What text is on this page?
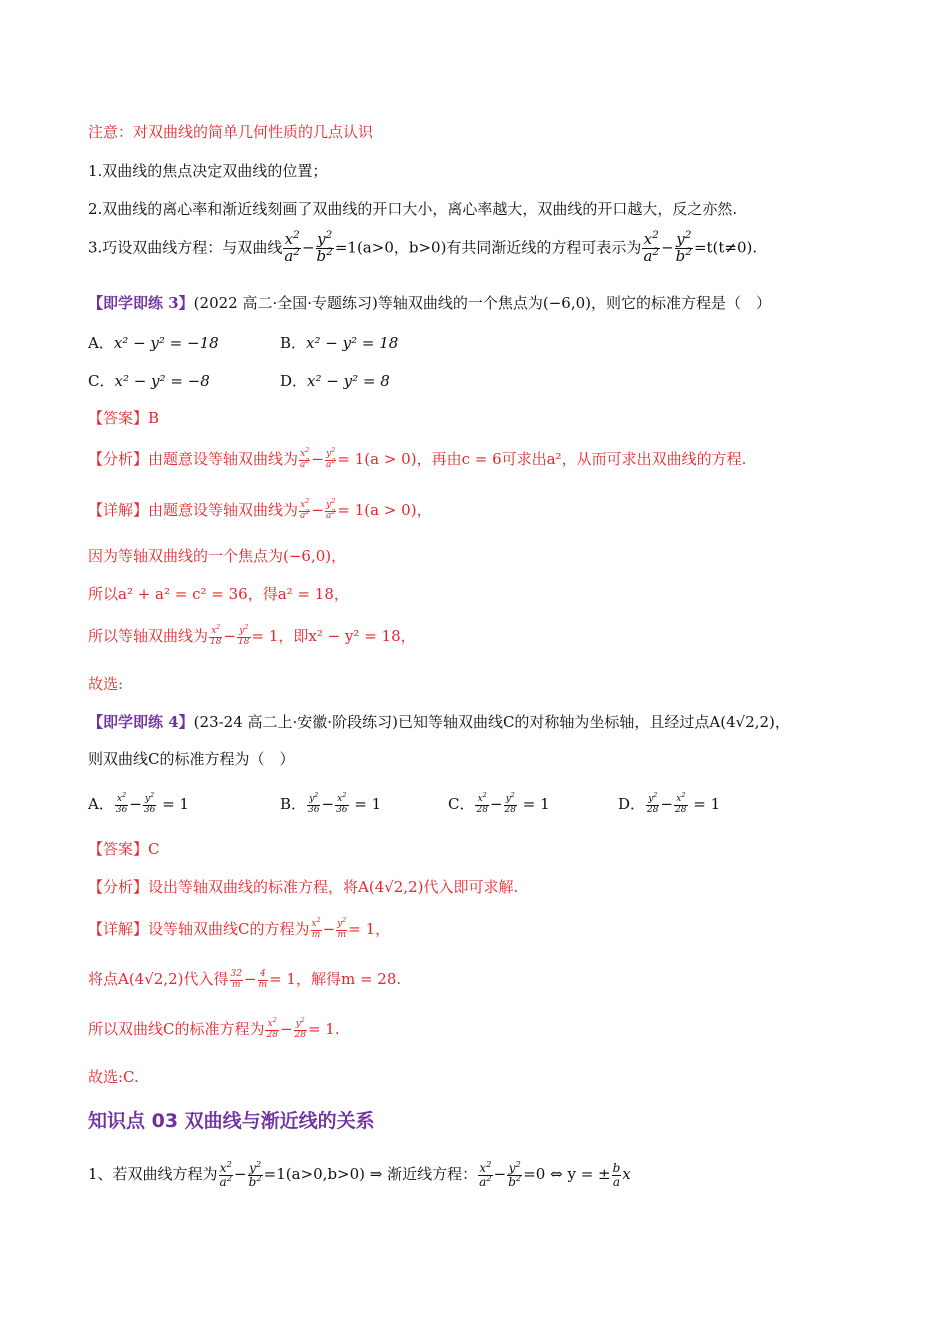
注意：对双曲线的简单几何性质的几点认识
1.双曲线的焦点决定双曲线的位置；
2.双曲线的离心率和渐近线刻画了双曲线的开口大小，离心率越大，双曲线的开口越大，反之亦然.
3.巧设双曲线方程：与双曲线 $\frac{x^2}{a^2} - \frac{y^2}{b^2} =1(a>0$，b>0)有共同渐近线的方程可表示为 $\frac{x^2}{a^2} - \frac{y^2}{b^2} =t(t\ne 0)$.
【即学即练 3】(2022 高二·全国·专题练习)等轴双曲线的一个焦点为(−6,0)，则它的标准方程是（　）
A．x² − y² = −18	B．x² − y² = 18
C．x² − y² = −8	D．x² − y² = 8
【答案】B
【分析】由题意设等轴双曲线为 $\frac{x^2}{a^2} - \frac{y^2}{a^2} = 1(a > 0)$，再由c = 6可求出a²，从而可求出双曲线的方程.
【详解】由题意设等轴双曲线为 $\frac{x^2}{a^2} - \frac{y^2}{a^2} = 1(a > 0)$，
因为等轴双曲线的一个焦点为(−6,0)，
所以a² + a² = c² = 36，得a² = 18，
所以等轴双曲线为 $\frac{x^2}{18} - \frac{y^2}{18} = 1$，即x² − y² = 18，
故选:
【即学即练 4】(23-24 高二上·安徽·阶段练习)已知等轴双曲线C的对称轴为坐标轴，且经过点A(4√2,2)，
则双曲线C的标准方程为（　）
A． $\frac{x^2}{36} - \frac{y^2}{36} = 1$	B． $\frac{y^2}{36} - \frac{x^2}{36} = 1$	C． $\frac{x^2}{28} - \frac{y^2}{28} = 1$	D． $\frac{y^2}{28} - \frac{x^2}{28} = 1$
【答案】C
【分析】设出等轴双曲线的标准方程，将A(4√2,2)代入即可求解.
【详解】设等轴双曲线C的方程为 $\frac{x^2}{m} - \frac{y^2}{m} = 1$，
将点A(4√2,2)代入得 $\frac{32}{m} - \frac{4}{m} = 1$，解得m = 28.
所以双曲线C的标准方程为 $\frac{x^2}{28} - \frac{y^2}{28} = 1$.
故选:C.
知识点 03 双曲线与渐近线的关系
1、若双曲线方程为 $\frac{x^2}{a^2} - \frac{y^2}{b^2} =1(a>0,b>0)$ ⇒ 渐近线方程： $\frac{x^2}{a^2} - \frac{y^2}{b^2} =0$ ⇔ y = ± $\frac{b}{a}$ x
